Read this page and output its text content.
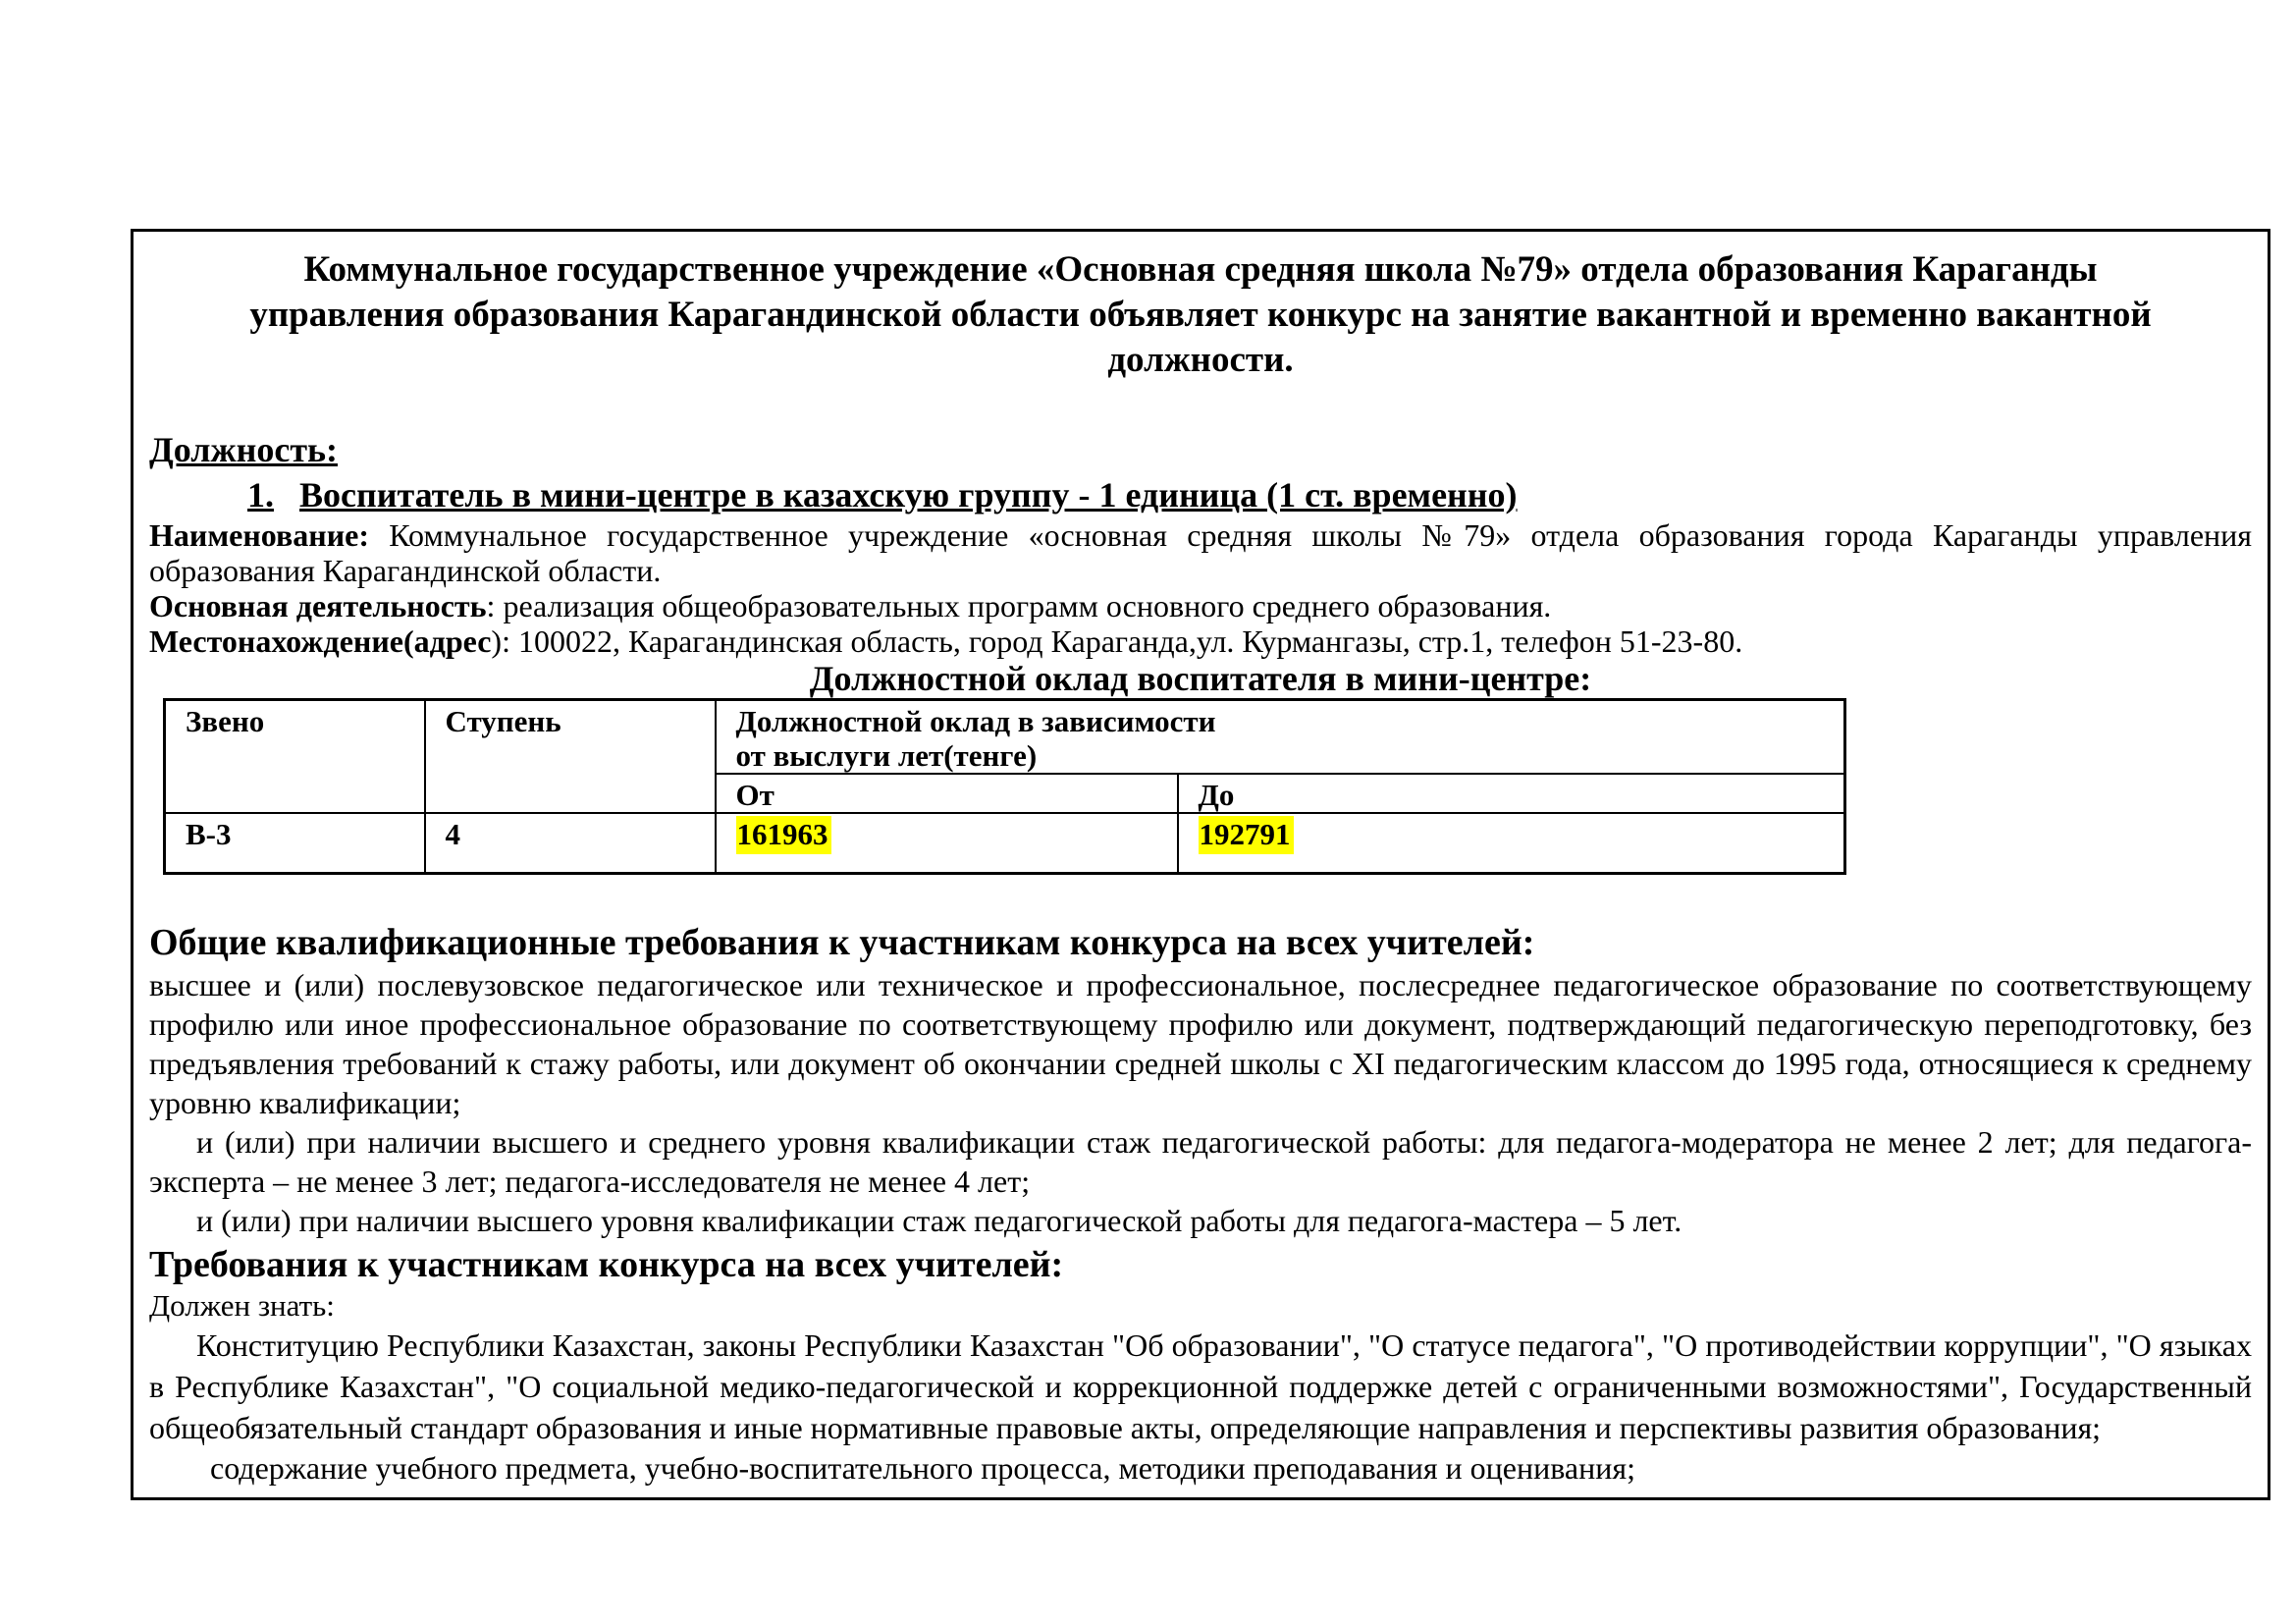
Коммунальное государственное учреждение «Основная средняя школа №79» отдела образования Караганды управления образования Карагандинской области объявляет конкурс на занятие вакантной и временно вакантной должности.
Должность:
1. Воспитатель в мини-центре в казахскую группу - 1 единица (1 ст. временно)
Наименование: Коммунальное государственное учреждение «основная средняя школы №79» отдела образования города Караганды управления образования Карагандинской области.
Основная деятельность: реализация общеобразовательных программ основного среднего образования.
Местонахождение(адрес): 100022, Карагандинская область, город Караганда,ул. Курмангазы, стр.1, телефон 51-23-80.
Должностной оклад воспитателя в мини-центре:
Звено	Ступень	Должностной оклад в зависимости
от выслуги лет(тенге)	

		От	До
В-3	4	161963	192791
Общие квалификационные требования к участникам конкурса на всех учителей:
высшее и (или) послевузовское педагогическое или техническое и профессиональное, послесреднее педагогическое образование по соответствующему профилю или иное профессиональное образование по соответствующему профилю или документ, подтверждающий педагогическую переподготовку, без предъявления требований к стажу работы, или документ об окончании средней школы с XI педагогическим классом до 1995 года, относящиеся к среднему уровню квалификации;
и (или) при наличии высшего и среднего уровня квалификации стаж педагогической работы: для педагога-модератора не менее 2 лет; для педагога-эксперта – не менее 3 лет; педагога-исследователя не менее 4 лет;
и (или) при наличии высшего уровня квалификации стаж педагогической работы для педагога-мастера – 5 лет.
Требования к участникам конкурса на всех учителей:
Должен знать:
Конституцию Республики Казахстан, законы Республики Казахстан "Об образовании", "О статусе педагога", "О противодействии коррупции", "О языках в Республике Казахстан", "О социальной медико-педагогической и коррекционной поддержке детей с ограниченными возможностями", Государственный общеобязательный стандарт образования и иные нормативные правовые акты, определяющие направления и перспективы развития образования;
содержание учебного предмета, учебно-воспитательного процесса, методики преподавания и оценивания;
